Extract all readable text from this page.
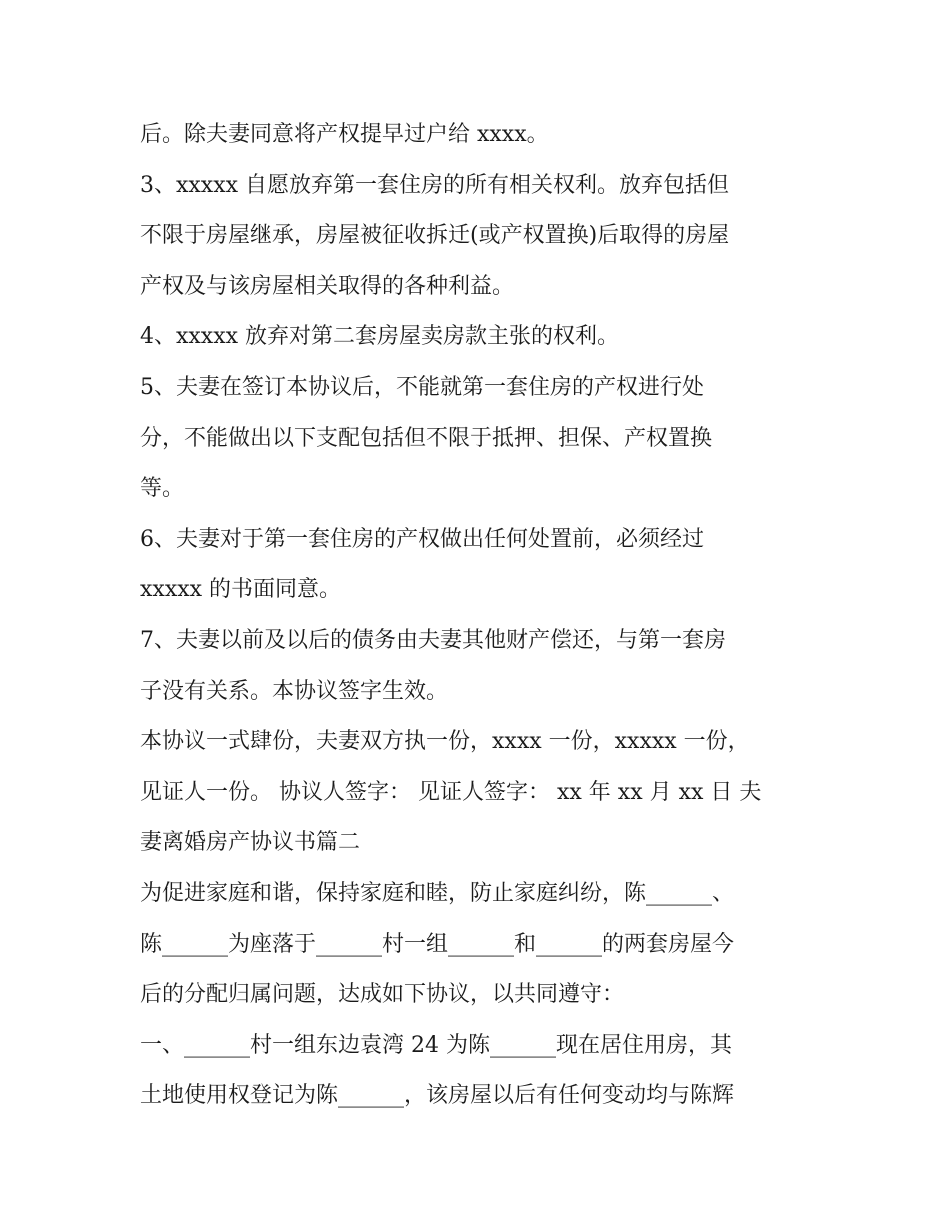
后。除夫妻同意将产权提早过户给 xxxx。
3、xxxxx 自愿放弃第一套住房的所有相关权利。放弃包括但
不限于房屋继承，房屋被征收拆迁(或产权置换)后取得的房屋
产权及与该房屋相关取得的各种利益。
4、xxxxx 放弃对第二套房屋卖房款主张的权利。
5、夫妻在签订本协议后，不能就第一套住房的产权进行处
分，不能做出以下支配包括但不限于抵押、担保、产权置换
等。
6、夫妻对于第一套住房的产权做出任何处置前，必须经过
xxxxx 的书面同意。
7、夫妻以前及以后的债务由夫妻其他财产偿还，与第一套房
子没有关系。本协议签字生效。
本协议一式肆份，夫妻双方执一份，xxxx 一份，xxxxx 一份，
见证人一份。 协议人签字： 见证人签字： xx 年 xx 月 xx 日 夫
妻离婚房产协议书篇二
为促进家庭和谐，保持家庭和睦，防止家庭纠纷，陈______、
陈______为座落于______村一组______和______的两套房屋今
后的分配归属问题，达成如下协议，以共同遵守：
一、______村一组东边袁湾 24 为陈______现在居住用房，其
土地使用权登记为陈______，该房屋以后有任何变动均与陈辉
